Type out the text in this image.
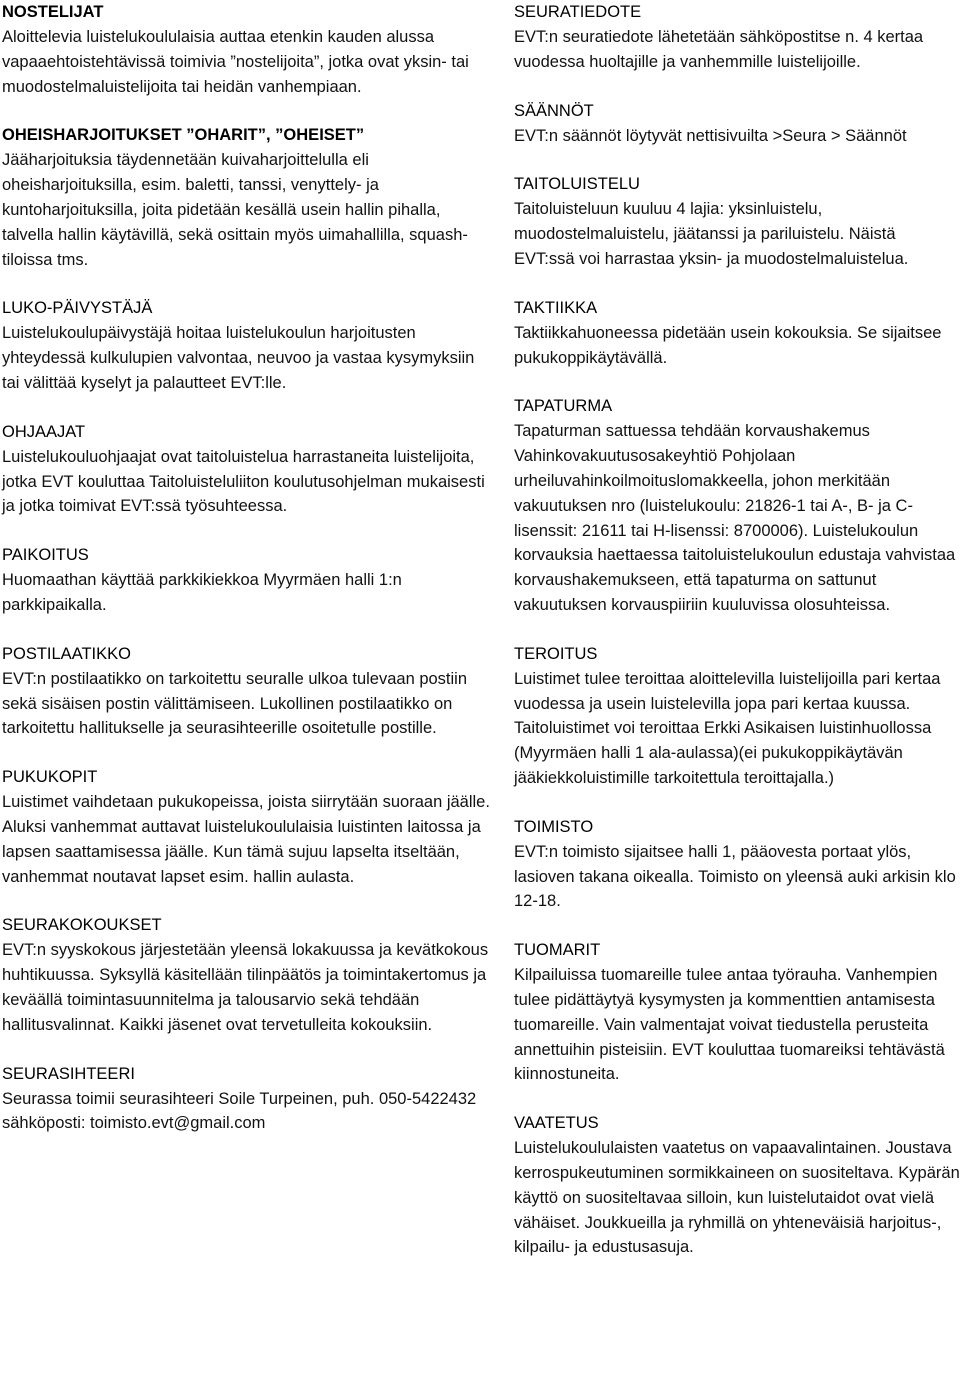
NOSTELIJAT

Aloittelevia luistelukoululaisia auttaa etenkin kauden alussa vapaaehtoistehtävissä toimivia ”nostelijoita”, jotka ovat yksin- tai muodostelmaluistelijoita tai heidän vanhempiaan.

OHEISHARJOITUKSET ”OHARIT”, ”OHEISET”

Jääharjoituksia täydennetään kuivaharjoittelulla eli oheisharjoituksilla, esim. baletti, tanssi, venyttely- ja kuntoharjoituksilla, joita pidetään kesällä usein hallin pihalla, talvella hallin käytävillä, sekä osittain myös uimahallilla, squash-tiloissa tms.

LUKO-PÄIVYSTÄJÄ

Luistelukoulupäivystäjä hoitaa luistelukoulun harjoitusten yhteydessä kulkulupien valvontaa, neuvoo ja vastaa kysymyksiin tai välittää kyselyt ja palautteet EVT:lle.

OHJAAJAT

Luistelukouluohjaajat ovat taitoluistelua harrastaneita luistelijoita, jotka EVT kouluttaa Taitoluisteluliiton koulutusohjelman mukaisesti ja jotka toimivat EVT:ssä työsuhteessa.

PAIKOITUS

Huomaathan käyttää parkkikiekkoa Myyrmäen halli 1:n parkkipaikalla.

POSTILAATIKKO

EVT:n postilaatikko on tarkoitettu seuralle ulkoa tulevaan postiin sekä sisäisen postin välittämiseen. Lukollinen postilaatikko on tarkoitettu hallitukselle ja seurasihteerille osoitetulle postille.

PUKUKOPIT

Luistimet vaihdetaan pukukopeissa, joista siirrytään suoraan jäälle. Aluksi vanhemmat auttavat luistelukoululaisia luistinten laitossa ja lapsen saattamisessa jäälle. Kun tämä sujuu lapselta itseltään, vanhemmat noutavat lapset esim. hallin aulasta.

SEURAKOKOUKSET

EVT:n syyskokous järjestetään yleensä lokakuussa ja kevätkokous huhtikuussa. Syksyllä käsitellään tilinpäätös ja toimintakertomus ja keväällä toimintasuunnitelma ja talousarvio sekä tehdään hallitusvalinnat. Kaikki jäsenet ovat tervetulleita kokouksiin.

SEURASIHTEERI

Seurassa toimii seurasihteeri Soile Turpeinen, puh. 050-5422432 sähköposti: toimisto.evt@gmail.com

SEURATIEDOTE

EVT:n seuratiedote lähetetään sähköpostitse n. 4 kertaa vuodessa huoltajille ja vanhemmille luistelijoille.

SÄÄNNÖT

EVT:n säännöt löytyvät nettisivuilta >Seura > Säännöt

TAITOLUISTELU

Taitoluisteluun kuuluu 4 lajia: yksinluistelu, muodostelmaluistelu, jäätanssi ja pariluistelu. Näistä EVT:ssä voi harrastaa yksin- ja muodostelmaluistelua.

TAKTIIKKA

Taktiikkahuoneessa pidetään usein kokouksia. Se sijaitsee pukukoppikäytävällä.

TAPATURMA

Tapaturman sattuessa tehdään korvaushakemus Vahinkovakuutusosakeyhtiö Pohjolaan urheiluvahinkoilmoituslomakkeella, johon merkitään vakuutuksen nro (luistelukoulu: 21826-1 tai A-, B- ja C-lisenssit: 21611 tai H-lisenssi: 8700006). Luistelukoulun korvauksia haettaessa taitoluistelukoulun edustaja vahvistaa korvaushakemukseen, että tapaturma on sattunut vakuutuksen korvauspiiriin kuuluvissa olosuhteissa.

TEROITUS

Luistimet tulee teroittaa aloittelevilla luistelijoilla pari kertaa vuodessa ja usein luistelevilla jopa pari kertaa kuussa. Taitoluistimet voi teroittaa Erkki Asikaisen luistinhuollossa (Myyrmäen halli 1 ala-aulassa)(ei pukukoppikäytävän jääkiekkoluistimille tarkoitettula teroittajalla.)

TOIMISTO

EVT:n toimisto sijaitsee halli 1, pääovesta portaat ylös, lasioven takana oikealla. Toimisto on yleensä auki arkisin klo 12-18.

TUOMARIT

Kilpailuissa tuomareille tulee antaa työrauha. Vanhempien tulee pidättäytyä kysymysten ja kommenttien antamisesta tuomareille. Vain valmentajat voivat tiedustella perusteita annettuihin pisteisiin. EVT kouluttaa tuomareiksi tehtävästä kiinnostuneita.

VAATETUS

Luistelukoululaisten vaatetus on vapaavalintainen. Joustava kerrospukeutuminen sormikkaineen on suositeltava. Kypärän käyttö on suositeltavaa silloin, kun luistelutaidot ovat vielä vähäiset. Joukkueilla ja ryhmillä on yhteneväisiä harjoitus-, kilpailu- ja edustusasuja.
